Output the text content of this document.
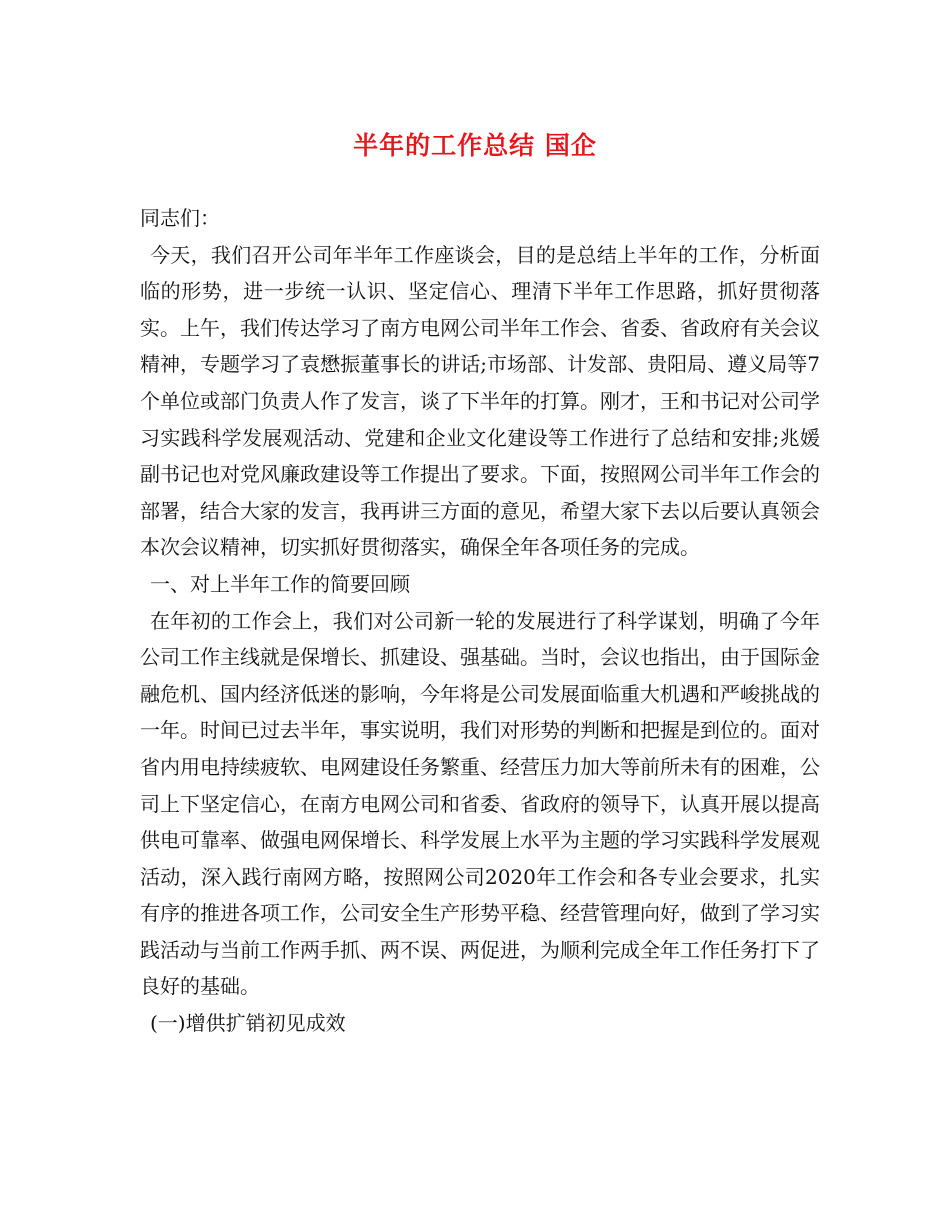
半年的工作总结 国企

同志们：

今天，我们召开公司年半年工作座谈会，目的是总结上半年的工作，分析面临的形势，进一步统一认识、坚定信心、理清下半年工作思路，抓好贯彻落实。上午，我们传达学习了南方电网公司半年工作会、省委、省政府有关会议精神，专题学习了袁懋振董事长的讲话;市场部、计发部、贵阳局、遵义局等7个单位或部门负责人作了发言，谈了下半年的打算。刚才，王和书记对公司学习实践科学发展观活动、党建和企业文化建设等工作进行了总结和安排;兆媛副书记也对党风廉政建设等工作提出了要求。下面，按照网公司半年工作会的部署，结合大家的发言，我再讲三方面的意见，希望大家下去以后要认真领会本次会议精神，切实抓好贯彻落实，确保全年各项任务的完成。

一、对上半年工作的简要回顾

在年初的工作会上，我们对公司新一轮的发展进行了科学谋划，明确了今年公司工作主线就是保增长、抓建设、强基础。当时，会议也指出，由于国际金融危机、国内经济低迷的影响，今年将是公司发展面临重大机遇和严峻挑战的一年。时间已过去半年，事实说明，我们对形势的判断和把握是到位的。面对省内用电持续疲软、电网建设任务繁重、经营压力加大等前所未有的困难，公司上下坚定信心，在南方电网公司和省委、省政府的领导下，认真开展以提高供电可靠率、做强电网保增长、科学发展上水平为主题的学习实践科学发展观活动，深入践行南网方略，按照网公司2020年工作会和各专业会要求，扎实有序的推进各项工作，公司安全生产形势平稳、经营管理向好，做到了学习实践活动与当前工作两手抓、两不误、两促进，为顺利完成全年工作任务打下了良好的基础。

(一)增供扩销初见成效
